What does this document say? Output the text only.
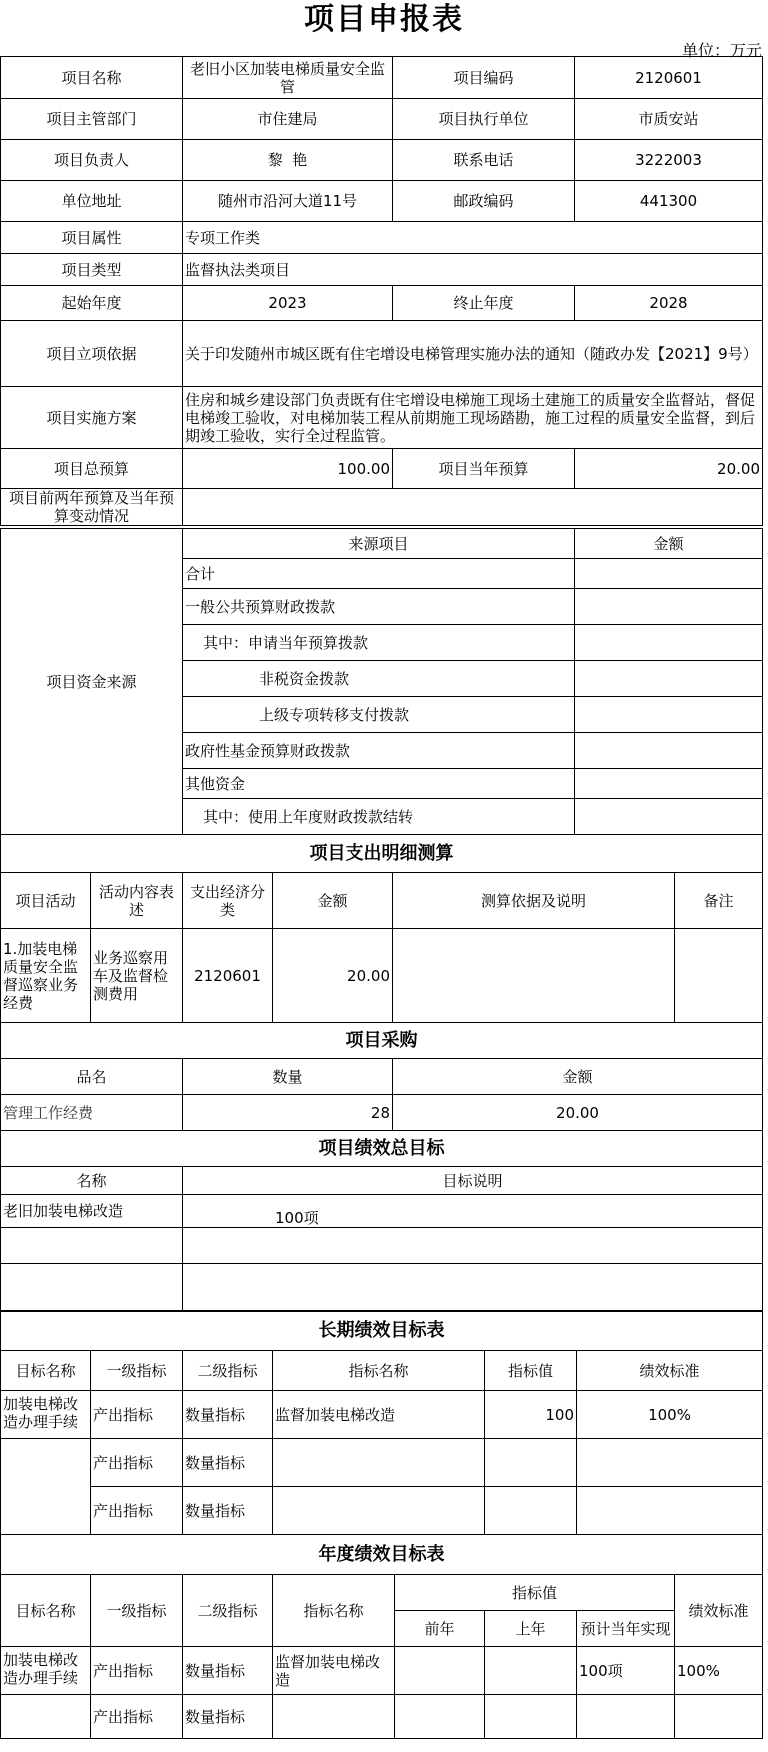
项目申报表
单位：万元
项目名称	老旧小区加装电梯质量安全监管	项目编码	2120601
项目主管部门	市住建局	项目执行单位	市质安站
项目负责人	黎  艳	联系电话	3222003
单位地址	随州市沿河大道11号	邮政编码	441300
项目属性	专项工作类		
项目类型	监督执法类项目		
起始年度	2023	终止年度	2028
项目立项依据	关于印发随州市城区既有住宅增设电梯管理实施办法的通知（随政办发【2021】9号）		
项目实施方案	住房和城乡建设部门负责既有住宅增设电梯施工现场土建施工的质量安全监督站，督促电梯竣工验收，对电梯加装工程从前期施工现场踏勘，施工过程的质量安全监督，到后期竣工验收，实行全过程监管。		

项目总预算	100.00	项目当年预算	20.00

项目前两年预算及当年预算变动情况			

项目资金来源	来源项目	金额
	合计	
	一般公共预算财政拨款	
	其中：申请当年预算拨款	
	非税资金拨款	
	上级专项转移支付拨款	
	政府性基金预算财政拨款	
	其他资金	
	其中：使用上年度财政拨款结转	
项目支出明细测算					
项目活动	活动内容表述	支出经济分类	金额	测算依据及说明	备注

1.加装电梯质量安全监督巡察业务经费	业务巡察用车及监督检测费用	2120601	20.00		
项目采购		
品名	数量	金额
管理工作经费	28	20.00
项目绩效总目标	
名称	目标说明
老旧加装电梯改造	100项

长期绩效目标表					
目标名称	一级指标	二级指标	指标名称	指标值	绩效标准

加装电梯改造办理手续	产出指标	数量指标	监督加装电梯改造	100	100%
	产出指标	数量指标			
	产出指标	数量指标			
年度绩效目标表							
目标名称	一级指标	二级指标	指标名称	指标值			绩效标准
				前年	上年	预计当年实现	

加装电梯改造办理手续	产出指标	数量指标	监督加装电梯改造			100项	100%
	产出指标	数量指标					
